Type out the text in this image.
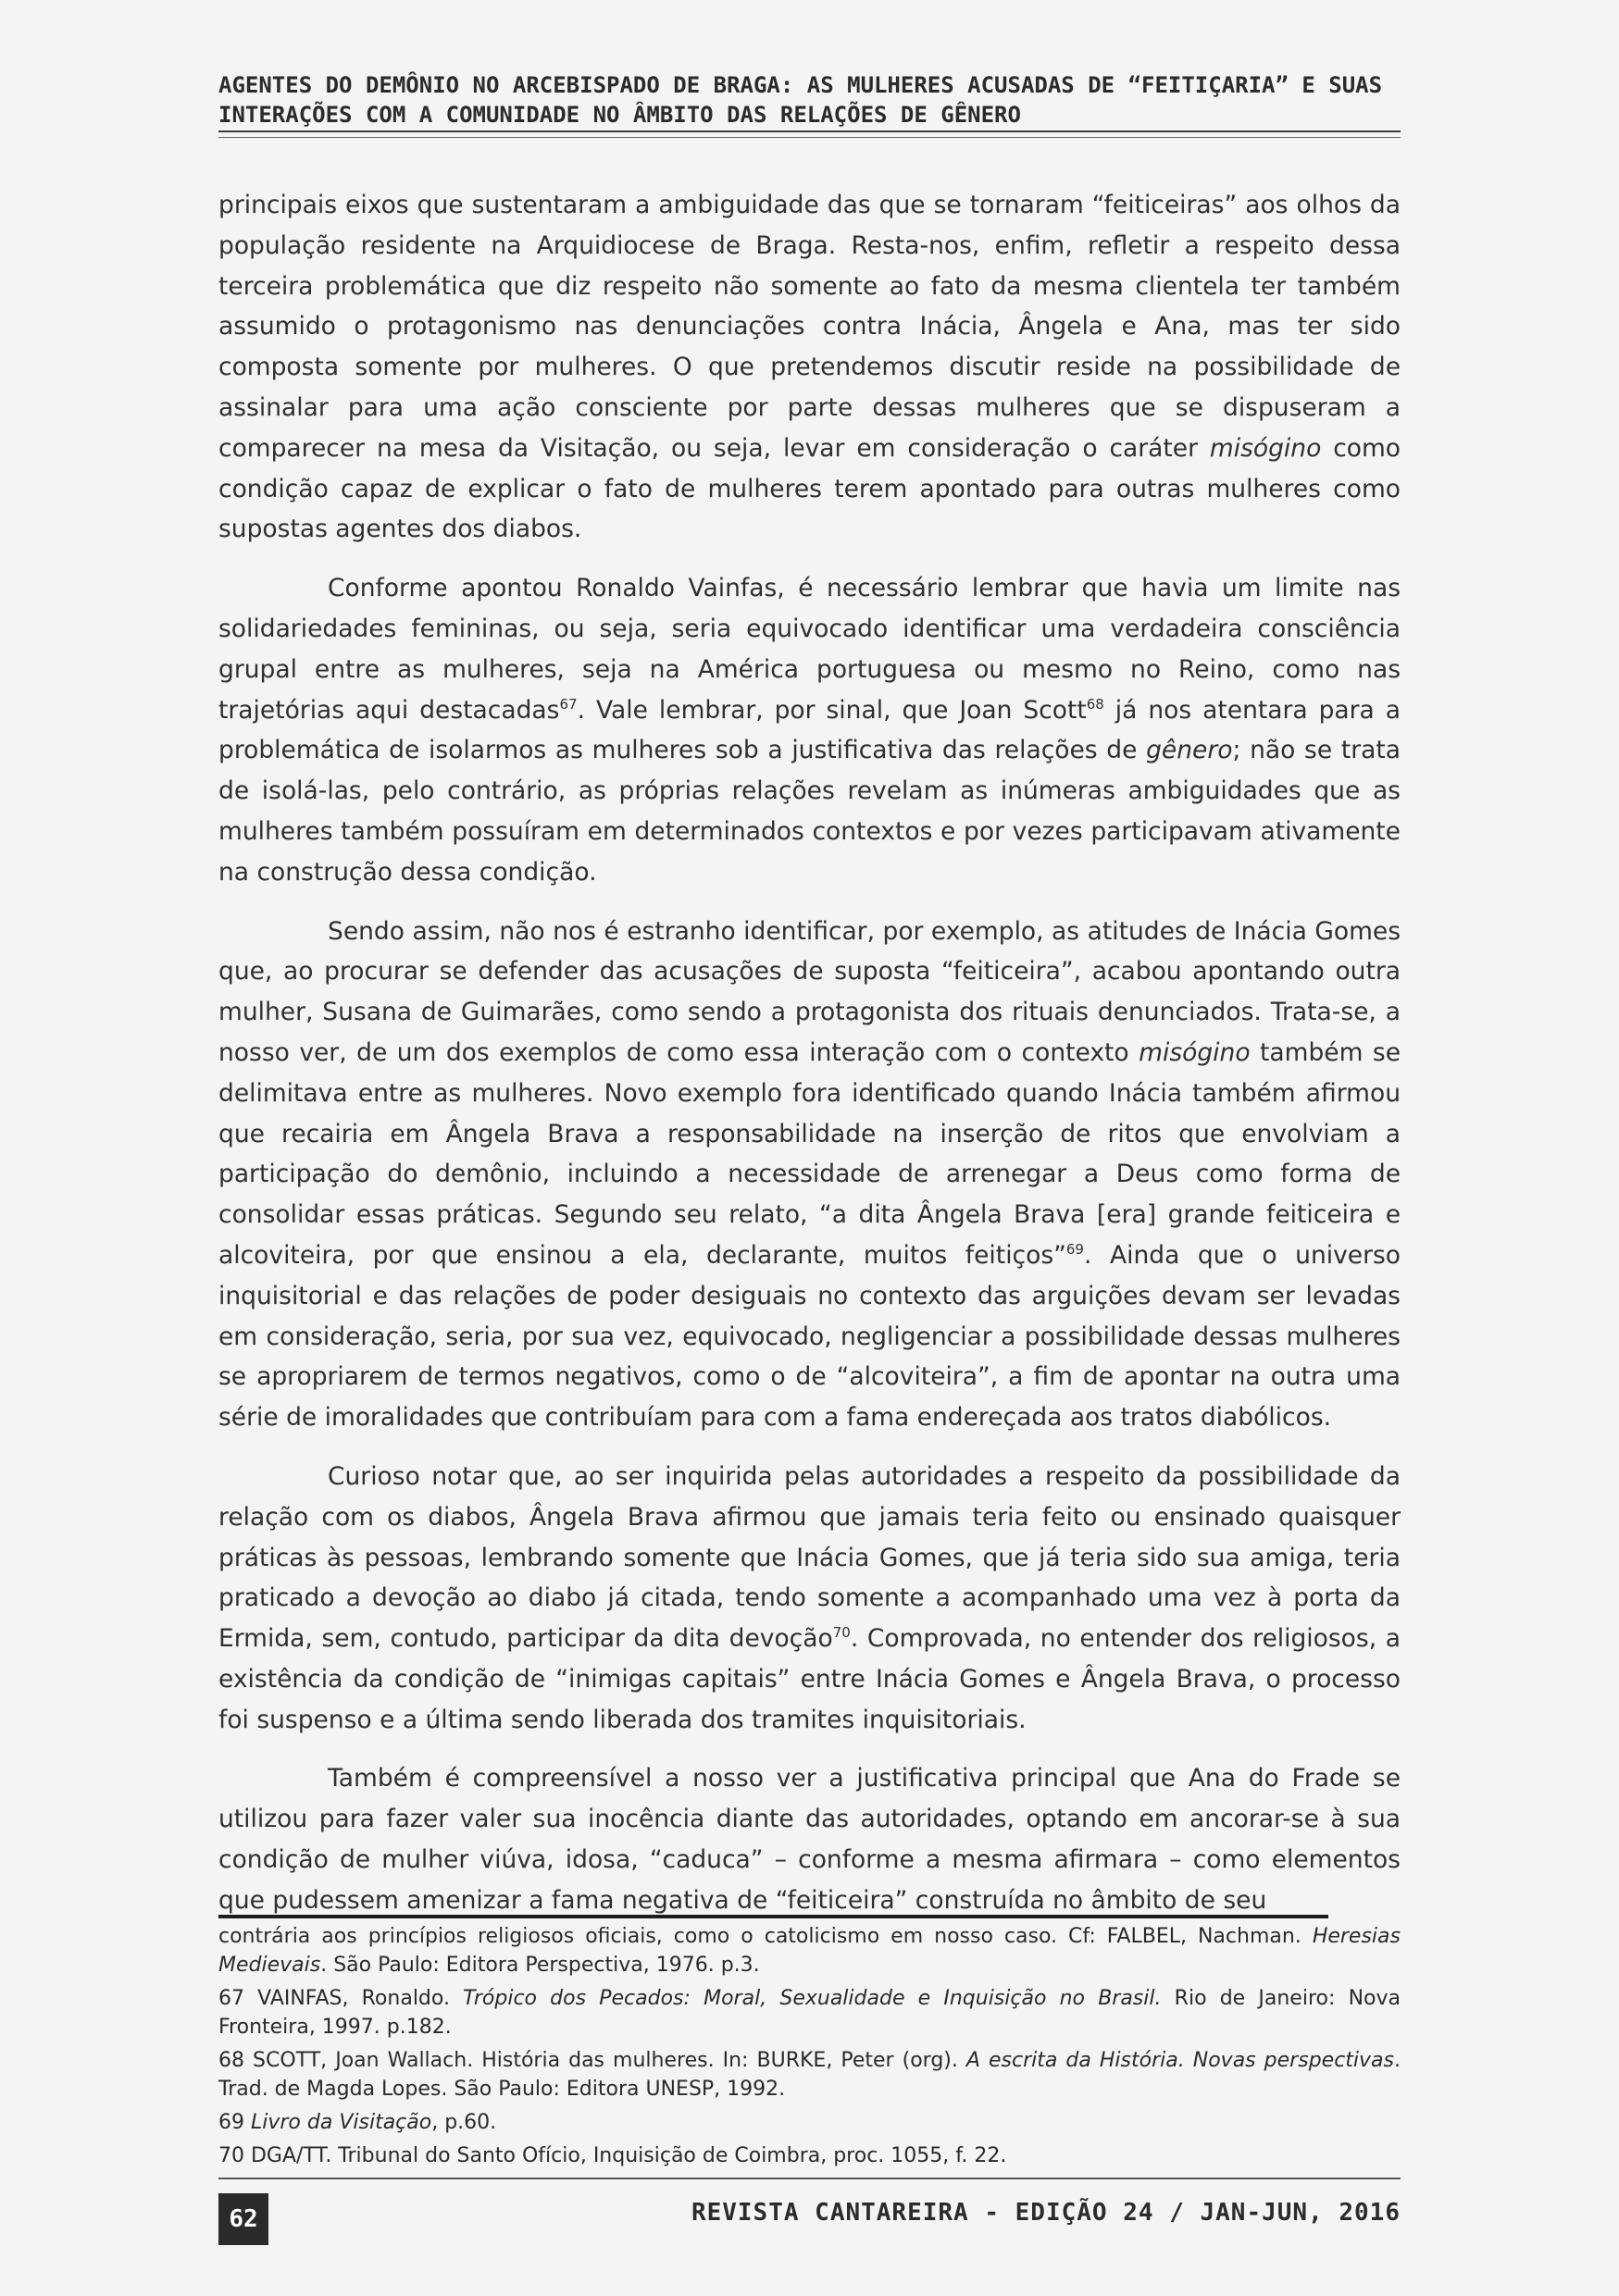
AGENTES DO DEMÔNIO NO ARCEBISPADO DE BRAGA: AS MULHERES ACUSADAS DE “FEITIÇARIA” E SUAS
INTERAÇÕES COM A COMUNIDADE NO ÂMBITO DAS RELAÇÕES DE GÊNERO

principais eixos que sustentaram a ambiguidade das que se tornaram “feiticeiras” aos olhos da população residente na Arquidiocese de Braga. Resta-nos, enfim, refletir a respeito dessa terceira problemática que diz respeito não somente ao fato da mesma clientela ter também assumido o protagonismo nas denunciações contra Inácia, Ângela e Ana, mas ter sido composta somente por mulheres. O que pretendemos discutir reside na possibilidade de assinalar para uma ação consciente por parte dessas mulheres que se dispuseram a comparecer na mesa da Visitação, ou seja, levar em consideração o caráter misógino como condição capaz de explicar o fato de mulheres terem apontado para outras mulheres como supostas agentes dos diabos.

Conforme apontou Ronaldo Vainfas, é necessário lembrar que havia um limite nas solidariedades femininas, ou seja, seria equivocado identificar uma verdadeira consciência grupal entre as mulheres, seja na América portuguesa ou mesmo no Reino, como nas trajetórias aqui destacadas$^{67}$. Vale lembrar, por sinal, que Joan Scott$^{68}$ já nos atentara para a problemática de isolarmos as mulheres sob a justificativa das relações de gênero; não se trata de isolá-las, pelo contrário, as próprias relações revelam as inúmeras ambiguidades que as mulheres também possuíram em determinados contextos e por vezes participavam ativamente na construção dessa condição.

Sendo assim, não nos é estranho identificar, por exemplo, as atitudes de Inácia Gomes que, ao procurar se defender das acusações de suposta “feiticeira”, acabou apontando outra mulher, Susana de Guimarães, como sendo a protagonista dos rituais denunciados. Trata-se, a nosso ver, de um dos exemplos de como essa interação com o contexto misógino também se delimitava entre as mulheres. Novo exemplo fora identificado quando Inácia também afirmou que recairia em Ângela Brava a responsabilidade na inserção de ritos que envolviam a participação do demônio, incluindo a necessidade de arrenegar a Deus como forma de consolidar essas práticas. Segundo seu relato, “a dita Ângela Brava [era] grande feiticeira e alcoviteira, por que ensinou a ela, declarante, muitos feitiços”$^{69}$. Ainda que o universo inquisitorial e das relações de poder desiguais no contexto das arguições devam ser levadas em consideração, seria, por sua vez, equivocado, negligenciar a possibilidade dessas mulheres se apropriarem de termos negativos, como o de “alcoviteira”, a fim de apontar na outra uma série de imoralidades que contribuíam para com a fama endereçada aos tratos diabólicos.

Curioso notar que, ao ser inquirida pelas autoridades a respeito da possibilidade da relação com os diabos, Ângela Brava afirmou que jamais teria feito ou ensinado quaisquer práticas às pessoas, lembrando somente que Inácia Gomes, que já teria sido sua amiga, teria praticado a devoção ao diabo já citada, tendo somente a acompanhado uma vez à porta da Ermida, sem, contudo, participar da dita devoção$^{70}$. Comprovada, no entender dos religiosos, a existência da condição de “inimigas capitais” entre Inácia Gomes e Ângela Brava, o processo foi suspenso e a última sendo liberada dos tramites inquisitoriais.

Também é compreensível a nosso ver a justificativa principal que Ana do Frade se utilizou para fazer valer sua inocência diante das autoridades, optando em ancorar-se à sua condição de mulher viúva, idosa, “caduca” – conforme a mesma afirmara – como elementos que pudessem amenizar a fama negativa de “feiticeira” construída no âmbito de seu

contrária aos princípios religiosos oficiais, como o catolicismo em nosso caso. Cf: FALBEL, Nachman. Heresias Medievais. São Paulo: Editora Perspectiva, 1976. p.3.
67 VAINFAS, Ronaldo. Trópico dos Pecados: Moral, Sexualidade e Inquisição no Brasil. Rio de Janeiro: Nova Fronteira, 1997. p.182.
68 SCOTT, Joan Wallach. História das mulheres. In: BURKE, Peter (org). A escrita da História. Novas perspectivas. Trad. de Magda Lopes. São Paulo: Editora UNESP, 1992.
69 Livro da Visitação, p.60.
70 DGA/TT. Tribunal do Santo Ofício, Inquisição de Coimbra, proc. 1055, f. 22.
62	REVISTA CANTAREIRA - EDIÇÃO 24 / JAN-JUN, 2016
